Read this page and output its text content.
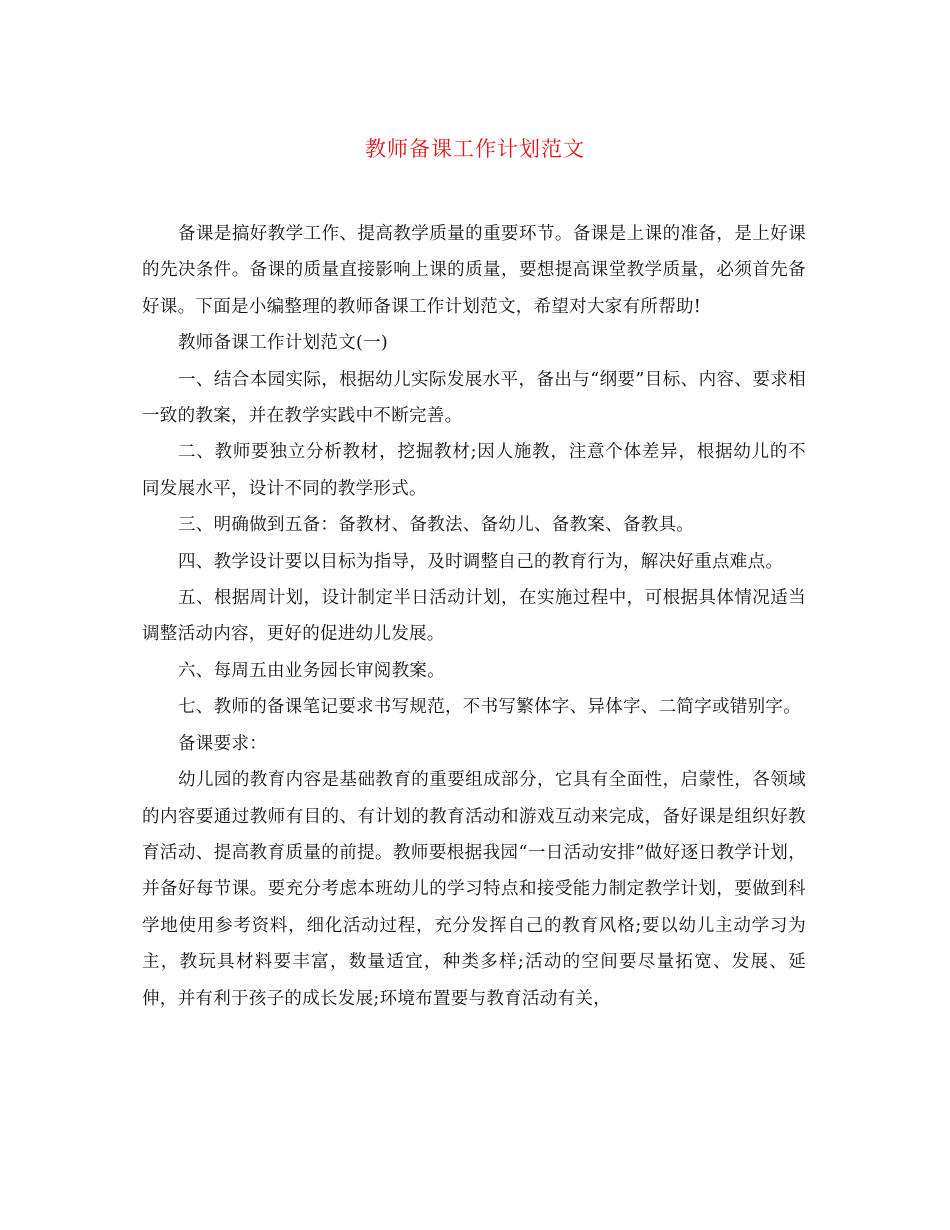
教师备课工作计划范文

备课是搞好教学工作、提高教学质量的重要环节。备课是上课的准备，是上好课的先决条件。备课的质量直接影响上课的质量，要想提高课堂教学质量，必须首先备好课。下面是小编整理的教师备课工作计划范文，希望对大家有所帮助!

教师备课工作计划范文(一)

一、结合本园实际，根据幼儿实际发展水平，备出与“纲要”目标、内容、要求相一致的教案，并在教学实践中不断完善。

二、教师要独立分析教材，挖掘教材;因人施教，注意个体差异，根据幼儿的不同发展水平，设计不同的教学形式。

三、明确做到五备：备教材、备教法、备幼儿、备教案、备教具。

四、教学设计要以目标为指导，及时调整自己的教育行为，解决好重点难点。

五、根据周计划，设计制定半日活动计划，在实施过程中，可根据具体情况适当调整活动内容，更好的促进幼儿发展。

六、每周五由业务园长审阅教案。

七、教师的备课笔记要求书写规范，不书写繁体字、异体字、二简字或错别字。

备课要求：

幼儿园的教育内容是基础教育的重要组成部分，它具有全面性，启蒙性，各领域的内容要通过教师有目的、有计划的教育活动和游戏互动来完成，备好课是组织好教育活动、提高教育质量的前提。教师要根据我园“一日活动安排”做好逐日教学计划，并备好每节课。要充分考虑本班幼儿的学习特点和接受能力制定教学计划，要做到科学地使用参考资料，细化活动过程，充分发挥自己的教育风格;要以幼儿主动学习为主，教玩具材料要丰富，数量适宜，种类多样;活动的空间要尽量拓宽、发展、延伸，并有利于孩子的成长发展;环境布置要与教育活动有关，
